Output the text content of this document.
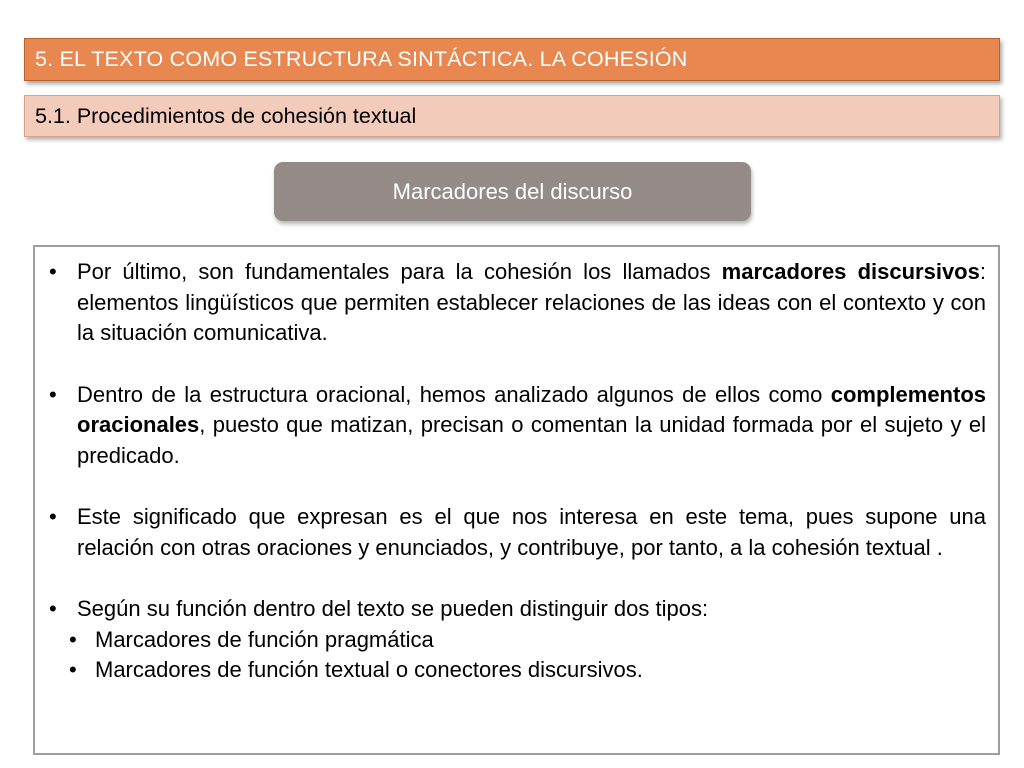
5. EL TEXTO COMO ESTRUCTURA SINTÁCTICA. LA COHESIÓN
5.1. Procedimientos de cohesión textual
Marcadores del discurso
• Por último, son fundamentales para la cohesión los llamados marcadores discursivos: elementos lingüísticos que permiten establecer relaciones de las ideas con el contexto y con la situación comunicativa.
• Dentro de la estructura oracional, hemos analizado algunos de ellos como complementos oracionales, puesto que matizan, precisan o comentan la unidad formada por el sujeto y el predicado.
• Este significado que expresan es el que nos interesa en este tema, pues supone una relación con otras oraciones y enunciados, y contribuye, por tanto, a la cohesión textual .
• Según su función dentro del texto se pueden distinguir dos tipos:
• Marcadores de función pragmática
• Marcadores de función textual o conectores discursivos.
